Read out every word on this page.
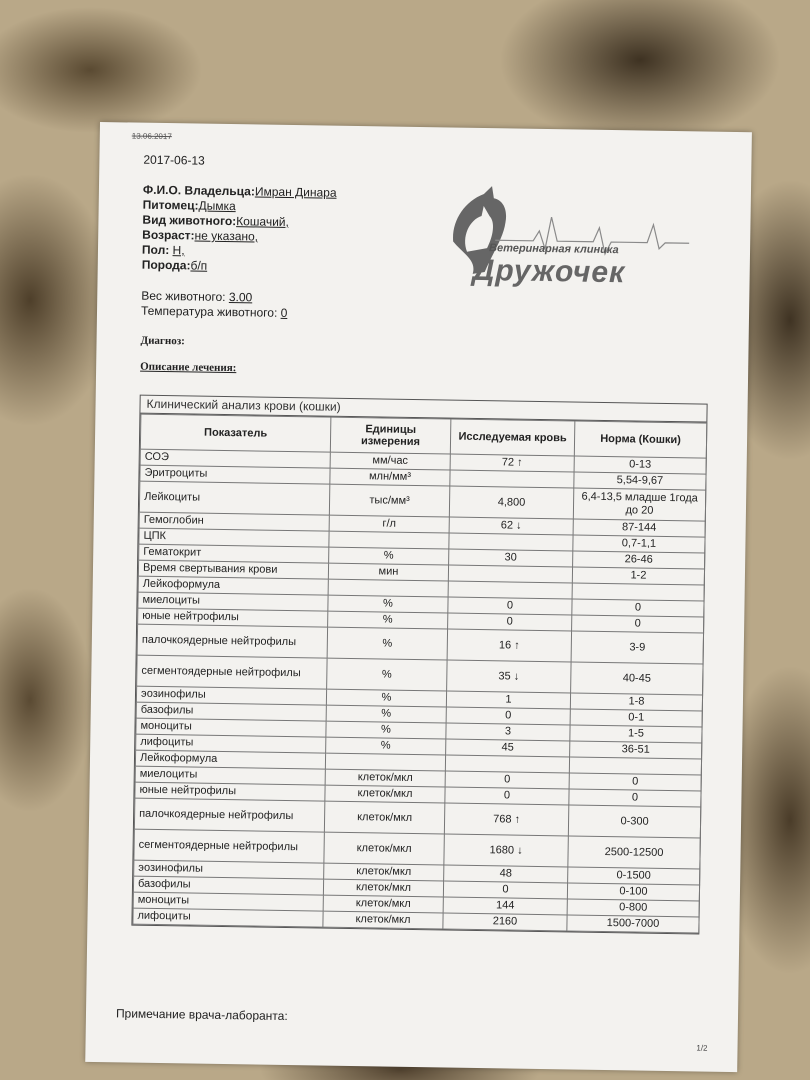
13.06.2017
2017-06-13
Ф.И.О. Владельца:Имран Динара
Питомец:Дымка
Вид животного:Кошачий,
Возраст:не указано,
Пол: Н,
Порода:б/п
Вес животного: 3.00
Температура животного: 0
Диагноз:
Описание лечения:
Ветеринарная клиника
Дружочек
Клинический анализ крови (кошки)
Показатель	Единицы измерения	Исследуемая кровь	Норма (Кошки)
СОЭ	мм/час	72 ↑	0-13
Эритроциты	млн/мм³		5,54-9,67
Лейкоциты	тыс/мм³	4,800	6,4-13,5 младше 1года до 20
Гемоглобин	г/л	62 ↓	87-144
ЦПК			0,7-1,1
Гематокрит	%	30	26-46
Время свертывания крови	мин		1-2
Лейкоформула			
миелоциты	%	0	0
юные нейтрофилы	%	0	0
палочкоядерные нейтрофилы	%	16 ↑	3-9
сегментоядерные нейтрофилы	%	35 ↓	40-45
эозинофилы	%	1	1-8
базофилы	%	0	0-1
моноциты	%	3	1-5
лифоциты	%	45	36-51
Лейкоформула			
миелоциты	клеток/мкл	0	0
юные нейтрофилы	клеток/мкл	0	0
палочкоядерные нейтрофилы	клеток/мкл	768 ↑	0-300
сегментоядерные нейтрофилы	клеток/мкл	1680 ↓	2500-12500
эозинофилы	клеток/мкл	48	0-1500
базофилы	клеток/мкл	0	0-100
моноциты	клеток/мкл	144	0-800
лифоциты	клеток/мкл	2160	1500-7000
Примечание врача-лаборанта:
1/2
